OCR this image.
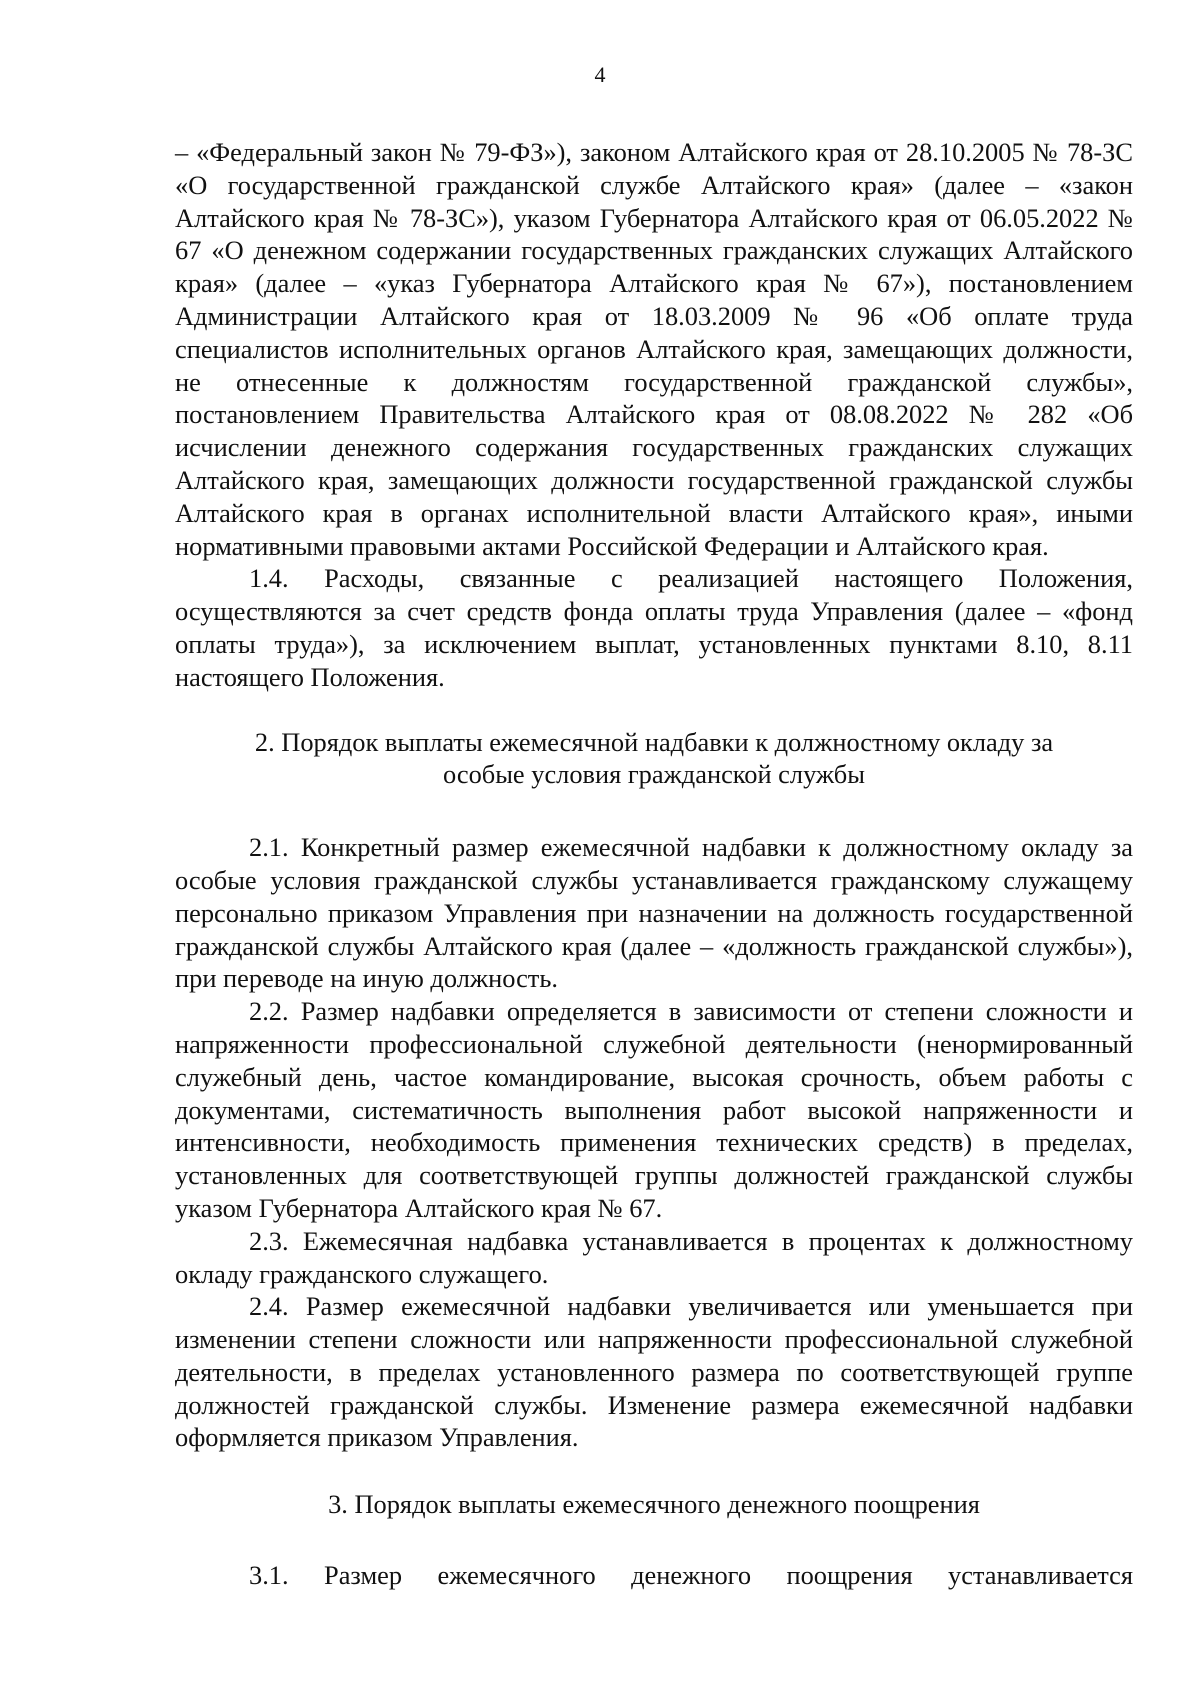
4

– «Федеральный закон № 79-ФЗ»), законом Алтайского края от 28.10.2005 № 78-ЗС «О государственной гражданской службе Алтайского края» (далее – «закон Алтайского края № 78-ЗС»), указом Губернатора Алтайского края от 06.05.2022 № 67 «О денежном содержании государственных гражданских служащих Алтайского края» (далее – «указ Губернатора Алтайского края № 67»), постановлением Администрации Алтайского края от 18.03.2009 № 96 «Об оплате труда специалистов исполнительных органов Алтайского края, замещающих должности, не отнесенные к должностям государственной гражданской службы», постановлением Правительства Алтайского края от 08.08.2022 № 282 «Об исчислении денежного содержания государственных гражданских служащих Алтайского края, замещающих должности государственной гражданской службы Алтайского края в органах исполнительной власти Алтайского края», иными нормативными правовыми актами Российской Федерации и Алтайского края.

1.4. Расходы, связанные с реализацией настоящего Положения, осуществляются за счет средств фонда оплаты труда Управления (далее – «фонд оплаты труда»), за исключением выплат, установленных пунктами 8.10, 8.11 настоящего Положения.

2. Порядок выплаты ежемесячной надбавки к должностному окладу за
особые условия гражданской службы

2.1. Конкретный размер ежемесячной надбавки к должностному окладу за особые условия гражданской службы устанавливается гражданскому служащему персонально приказом Управления при назначении на должность государственной гражданской службы Алтайского края (далее – «должность гражданской службы»), при переводе на иную должность.

2.2. Размер надбавки определяется в зависимости от степени сложности и напряженности профессиональной служебной деятельности (ненормированный служебный день, частое командирование, высокая срочность, объем работы с документами, систематичность выполнения работ высокой напряженности и интенсивности, необходимость применения технических средств) в пределах, установленных для соответствующей группы должностей гражданской службы указом Губернатора Алтайского края № 67.

2.3. Ежемесячная надбавка устанавливается в процентах к должностному окладу гражданского служащего.

2.4. Размер ежемесячной надбавки увеличивается или уменьшается при изменении степени сложности или напряженности профессиональной служебной деятельности, в пределах установленного размера по соответствующей группе должностей гражданской службы. Изменение размера ежемесячной надбавки оформляется приказом Управления.

3. Порядок выплаты ежемесячного денежного поощрения

3.1. Размер ежемесячного денежного поощрения устанавливается
